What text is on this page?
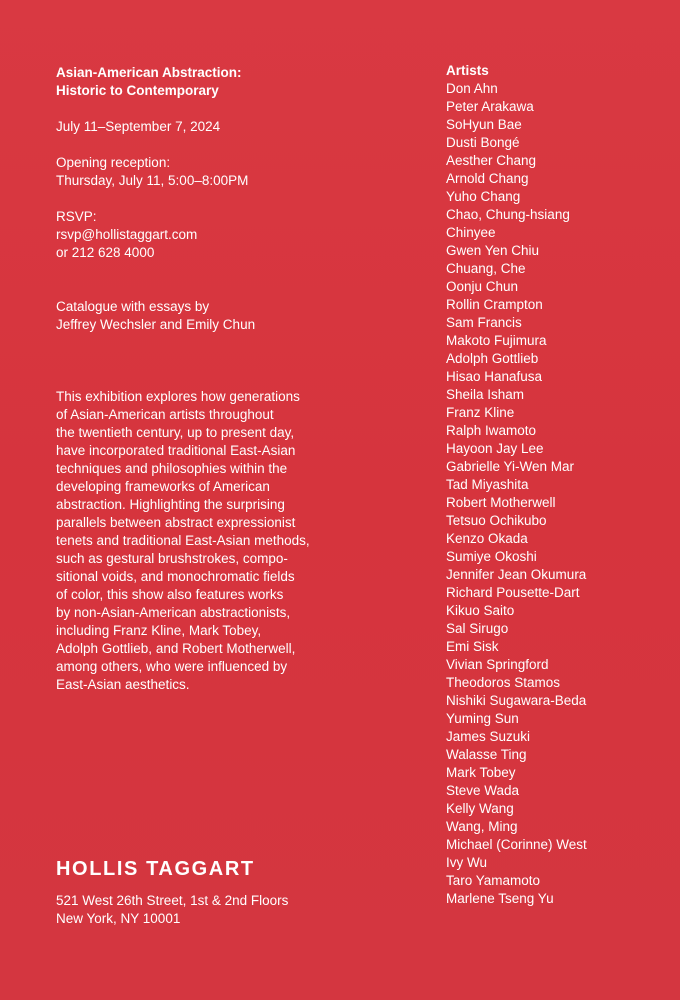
Asian-American Abstraction:

Historic to Contemporary

July 11–September 7, 2024

Opening reception:

Thursday, July 11, 5:00–8:00PM

RSVP:

rsvp@hollistaggart.com

or 212 628 4000

Catalogue with essays by

Jeffrey Wechsler and Emily Chun

This exhibition explores how generations

of Asian-American artists throughout

the twentieth century, up to present day,

have incorporated traditional East-Asian

techniques and philosophies within the

developing frameworks of American

abstraction. Highlighting the surprising

parallels between abstract expressionist

tenets and traditional East-Asian methods,

such as gestural brushstrokes, compo-

sitional voids, and monochromatic fields

of color, this show also features works

by non-Asian-American abstractionists,

including Franz Kline, Mark Tobey,

Adolph Gottlieb, and Robert Motherwell,

among others, who were influenced by

East-Asian aesthetics.

HOLLIS TAGGART

521 West 26th Street, 1st & 2nd Floors

New York, NY 10001

Artists

Don Ahn
Peter Arakawa
SoHyun Bae
Dusti Bongé
Aesther Chang
Arnold Chang
Yuho Chang
Chao, Chung-hsiang
Chinyee
Gwen Yen Chiu
Chuang, Che
Oonju Chun
Rollin Crampton
Sam Francis
Makoto Fujimura
Adolph Gottlieb
Hisao Hanafusa
Sheila Isham
Franz Kline
Ralph Iwamoto
Hayoon Jay Lee
Gabrielle Yi-Wen Mar
Tad Miyashita
Robert Motherwell
Tetsuo Ochikubo
Kenzo Okada
Sumiye Okoshi
Jennifer Jean Okumura
Richard Pousette-Dart
Kikuo Saito
Sal Sirugo
Emi Sisk
Vivian Springford
Theodoros Stamos
Nishiki Sugawara-Beda
Yuming Sun
James Suzuki
Walasse Ting
Mark Tobey
Steve Wada
Kelly Wang
Wang, Ming
Michael (Corinne) West
Ivy Wu
Taro Yamamoto
Marlene Tseng Yu
